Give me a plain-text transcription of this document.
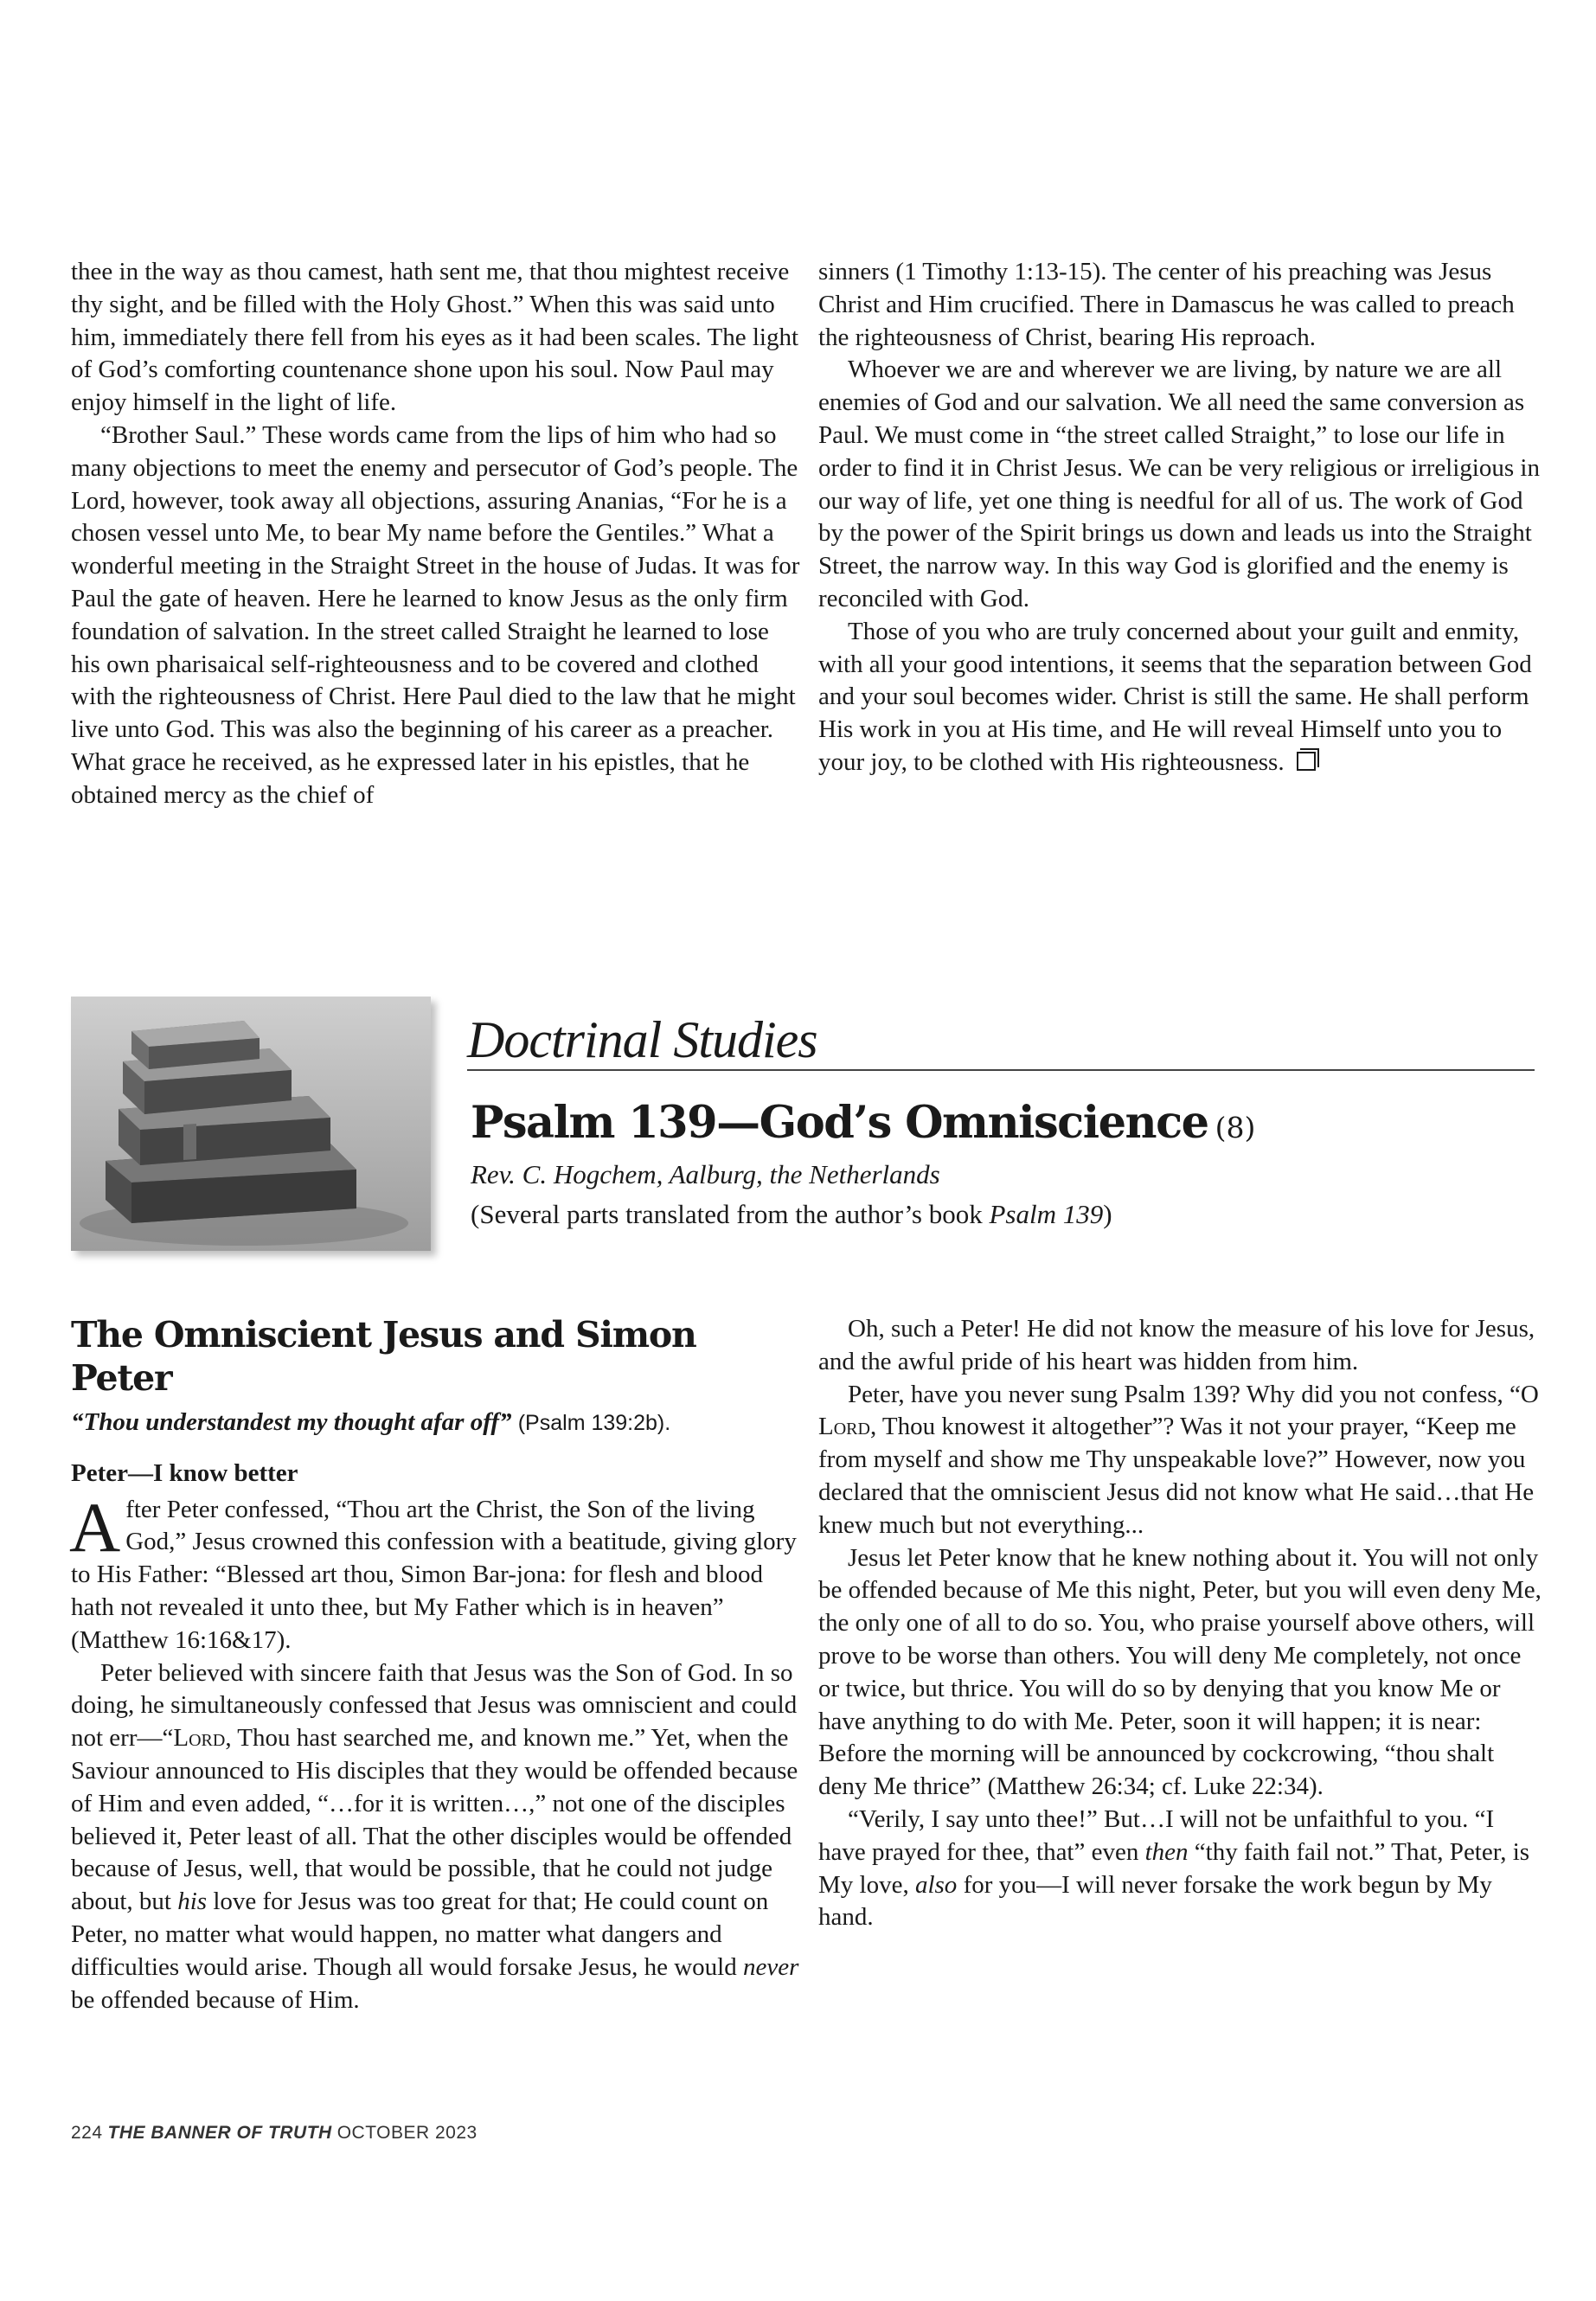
thee in the way as thou camest, hath sent me, that thou mightest receive thy sight, and be filled with the Holy Ghost.” When this was said unto him, immediately there fell from his eyes as it had been scales. The light of God’s comforting countenance shone upon his soul. Now Paul may enjoy himself in the light of life.

“Brother Saul.” These words came from the lips of him who had so many objections to meet the enemy and persecutor of God’s people. The Lord, however, took away all objections, assuring Ananias, “For he is a chosen vessel unto Me, to bear My name before the Gentiles.” What a wonderful meeting in the Straight Street in the house of Judas. It was for Paul the gate of heaven. Here he learned to know Jesus as the only firm foundation of salvation. In the street called Straight he learned to lose his own pharisaical self-righteousness and to be covered and clothed with the righteousness of Christ. Here Paul died to the law that he might live unto God. This was also the beginning of his career as a preacher. What grace he received, as he expressed later in his epistles, that he obtained mercy as the chief of

sinners (1 Timothy 1:13-15). The center of his preaching was Jesus Christ and Him crucified. There in Damascus he was called to preach the righteousness of Christ, bearing His reproach.

Whoever we are and wherever we are living, by nature we are all enemies of God and our salvation. We all need the same conversion as Paul. We must come in “the street called Straight,” to lose our life in order to find it in Christ Jesus. We can be very religious or irreligious in our way of life, yet one thing is needful for all of us. The work of God by the power of the Spirit brings us down and leads us into the Straight Street, the narrow way. In this way God is glorified and the enemy is reconciled with God.

Those of you who are truly concerned about your guilt and enmity, with all your good intentions, it seems that the separation between God and your soul becomes wider. Christ is still the same. He shall perform His work in you at His time, and He will reveal Himself unto you to your joy, to be clothed with His righteousness.

Doctrinal Studies
Psalm 139—God’s Omniscience (8)
Rev. C. Hogchem, Aalburg, the Netherlands
(Several parts translated from the author’s book Psalm 139)
The Omniscient Jesus and Simon Peter
“Thou understandest my thought afar off” (Psalm 139:2b).
Peter—I know better

After Peter confessed, “Thou art the Christ, the Son of the living God,” Jesus crowned this confession with a beatitude, giving glory to His Father: “Blessed art thou, Simon Bar-jona: for flesh and blood hath not revealed it unto thee, but My Father which is in heaven” (Matthew 16:16&17).

Peter believed with sincere faith that Jesus was the Son of God. In so doing, he simultaneously confessed that Jesus was omniscient and could not err—“Lord, Thou hast searched me, and known me.” Yet, when the Saviour announced to His disciples that they would be offended because of Him and even added, “…for it is written…,” not one of the disciples believed it, Peter least of all. That the other disciples would be offended because of Jesus, well, that would be possible, that he could not judge about, but his love for Jesus was too great for that; He could count on Peter, no matter what would happen, no matter what dangers and difficulties would arise. Though all would forsake Jesus, he would never be offended because of Him.

Oh, such a Peter! He did not know the measure of his love for Jesus, and the awful pride of his heart was hidden from him.

Peter, have you never sung Psalm 139? Why did you not confess, “O Lord, Thou knowest it altogether”? Was it not your prayer, “Keep me from myself and show me Thy unspeakable love?” However, now you declared that the omniscient Jesus did not know what He said…that He knew much but not everything...

Jesus let Peter know that he knew nothing about it. You will not only be offended because of Me this night, Peter, but you will even deny Me, the only one of all to do so. You, who praise yourself above others, will prove to be worse than others. You will deny Me completely, not once or twice, but thrice. You will do so by denying that you know Me or have anything to do with Me. Peter, soon it will happen; it is near: Before the morning will be announced by cockcrowing, “thou shalt deny Me thrice” (Matthew 26:34; cf. Luke 22:34).

“Verily, I say unto thee!” But…I will not be unfaithful to you. “I have prayed for thee, that” even then “thy faith fail not.” That, Peter, is My love, also for you—I will never forsake the work begun by My hand.

224 THE BANNER OF TRUTH OCTOBER 2023
